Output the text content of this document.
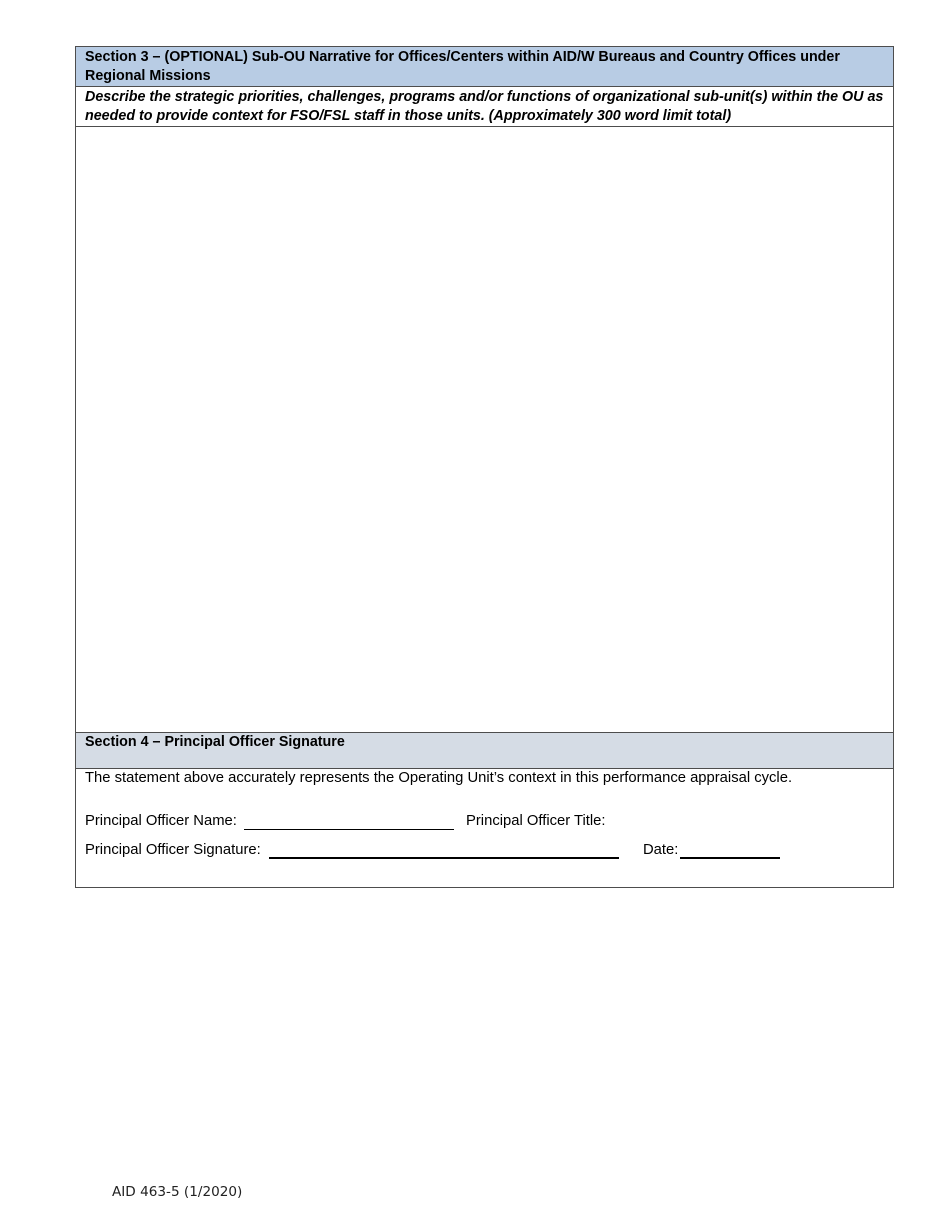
Section 3 – (OPTIONAL) Sub-OU Narrative for Offices/Centers within AID/W Bureaus and Country Offices under Regional Missions
Describe the strategic priorities, challenges, programs and/or functions of organizational sub-unit(s) within the OU as needed to provide context for FSO/FSL staff in those units. (Approximately 300 word limit total)
Section 4 – Principal Officer Signature
The statement above accurately represents the Operating Unit’s context in this performance appraisal cycle.
Principal Officer Name:	Principal Officer Title:
Principal Officer Signature:	Date:
AID 463-5 (1/2020)
